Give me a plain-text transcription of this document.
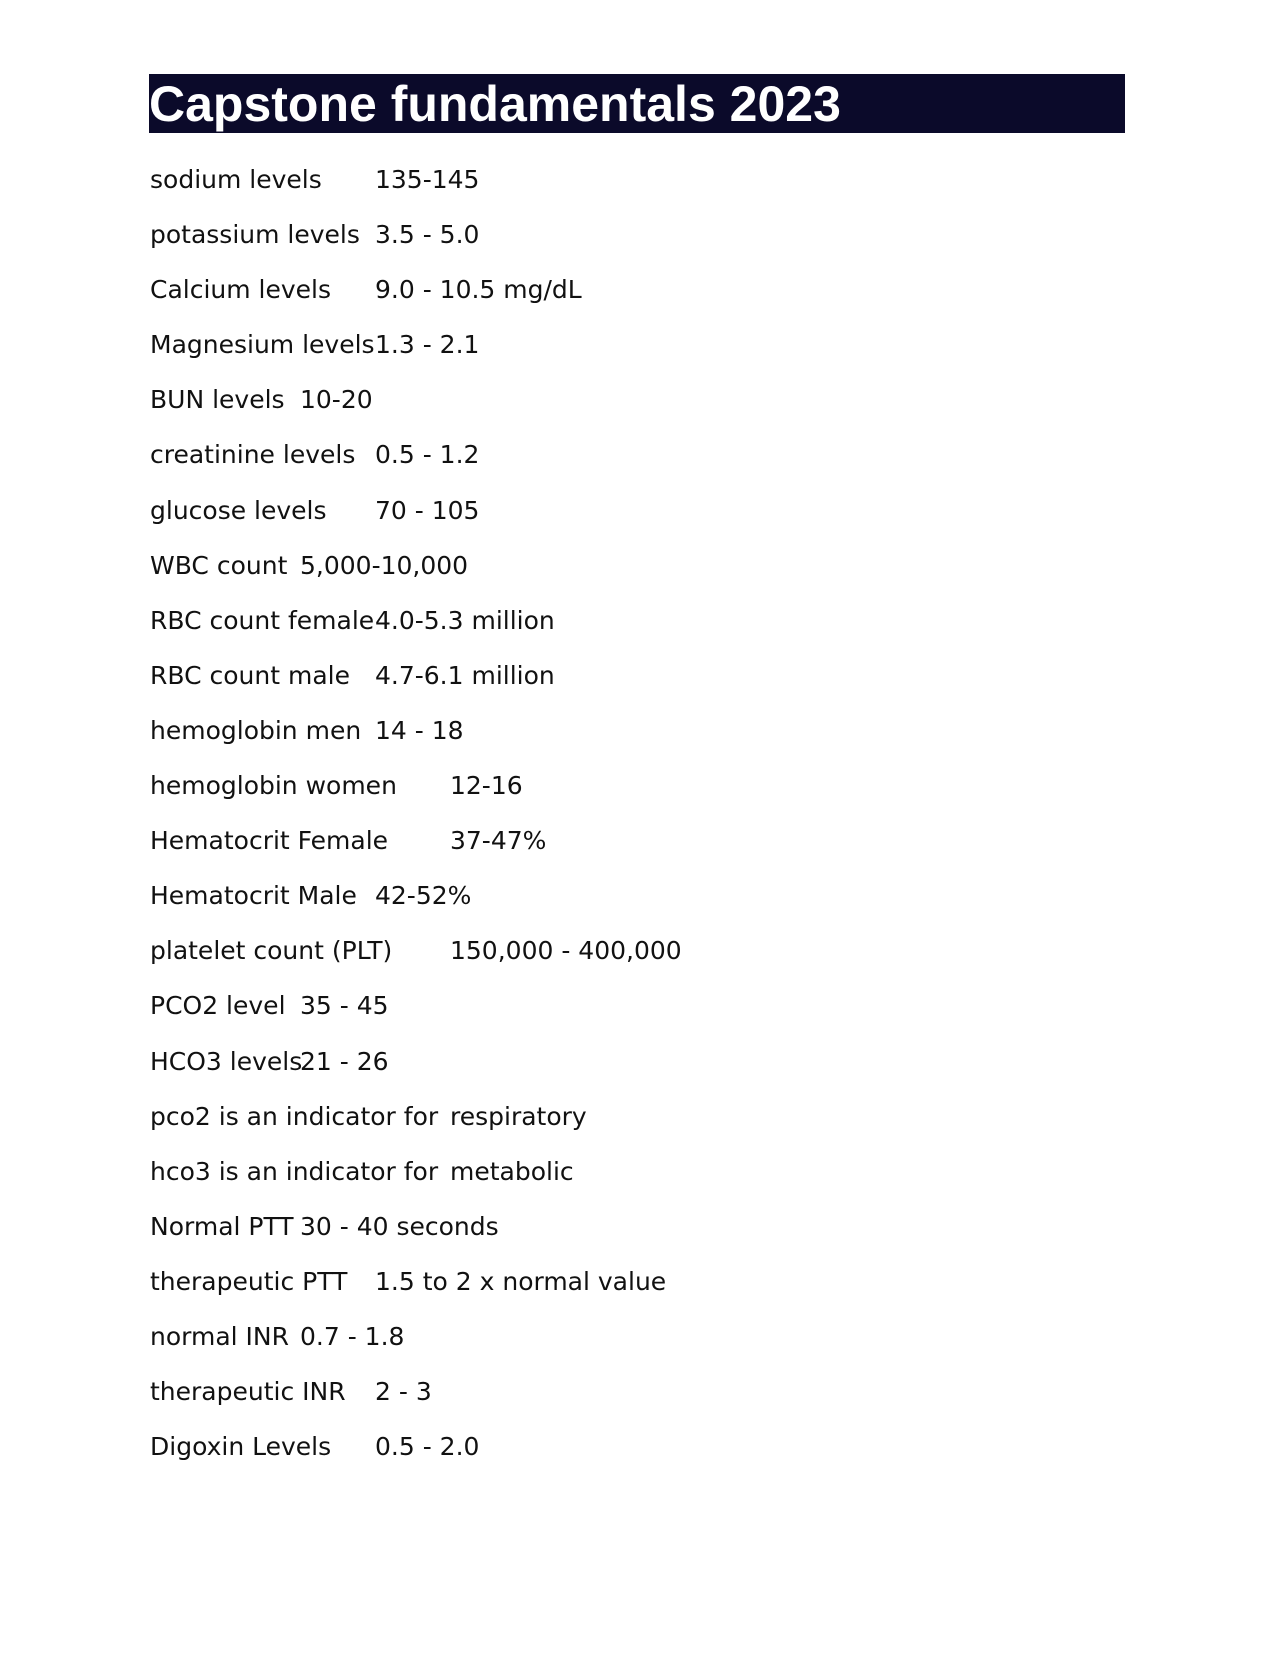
Capstone fundamentals 2023
sodium levels 135-145
potassium levels 3.5 - 5.0
Calcium levels 9.0 - 10.5 mg/dL
Magnesium levels 1.3 - 2.1
BUN levels 10-20
creatinine levels 0.5 - 1.2
glucose levels 70 - 105
WBC count 5,000-10,000
RBC count female 4.0-5.3 million
RBC count male 4.7-6.1 million
hemoglobin men 14 - 18
hemoglobin women 12-16
Hematocrit Female 37-47%
Hematocrit Male 42-52%
platelet count (PLT) 150,000 - 400,000
PCO2 level 35 - 45
HCO3 levels
21 - 26
pco2 is an indicator for respiratory
hco3 is an indicator for metabolic
Normal PTT 30 - 40 seconds
therapeutic PTT 1.5 to 2 x normal value
normal INR 0.7 - 1.8
therapeutic INR 2 - 3
Digoxin Levels 0.5 - 2.0
